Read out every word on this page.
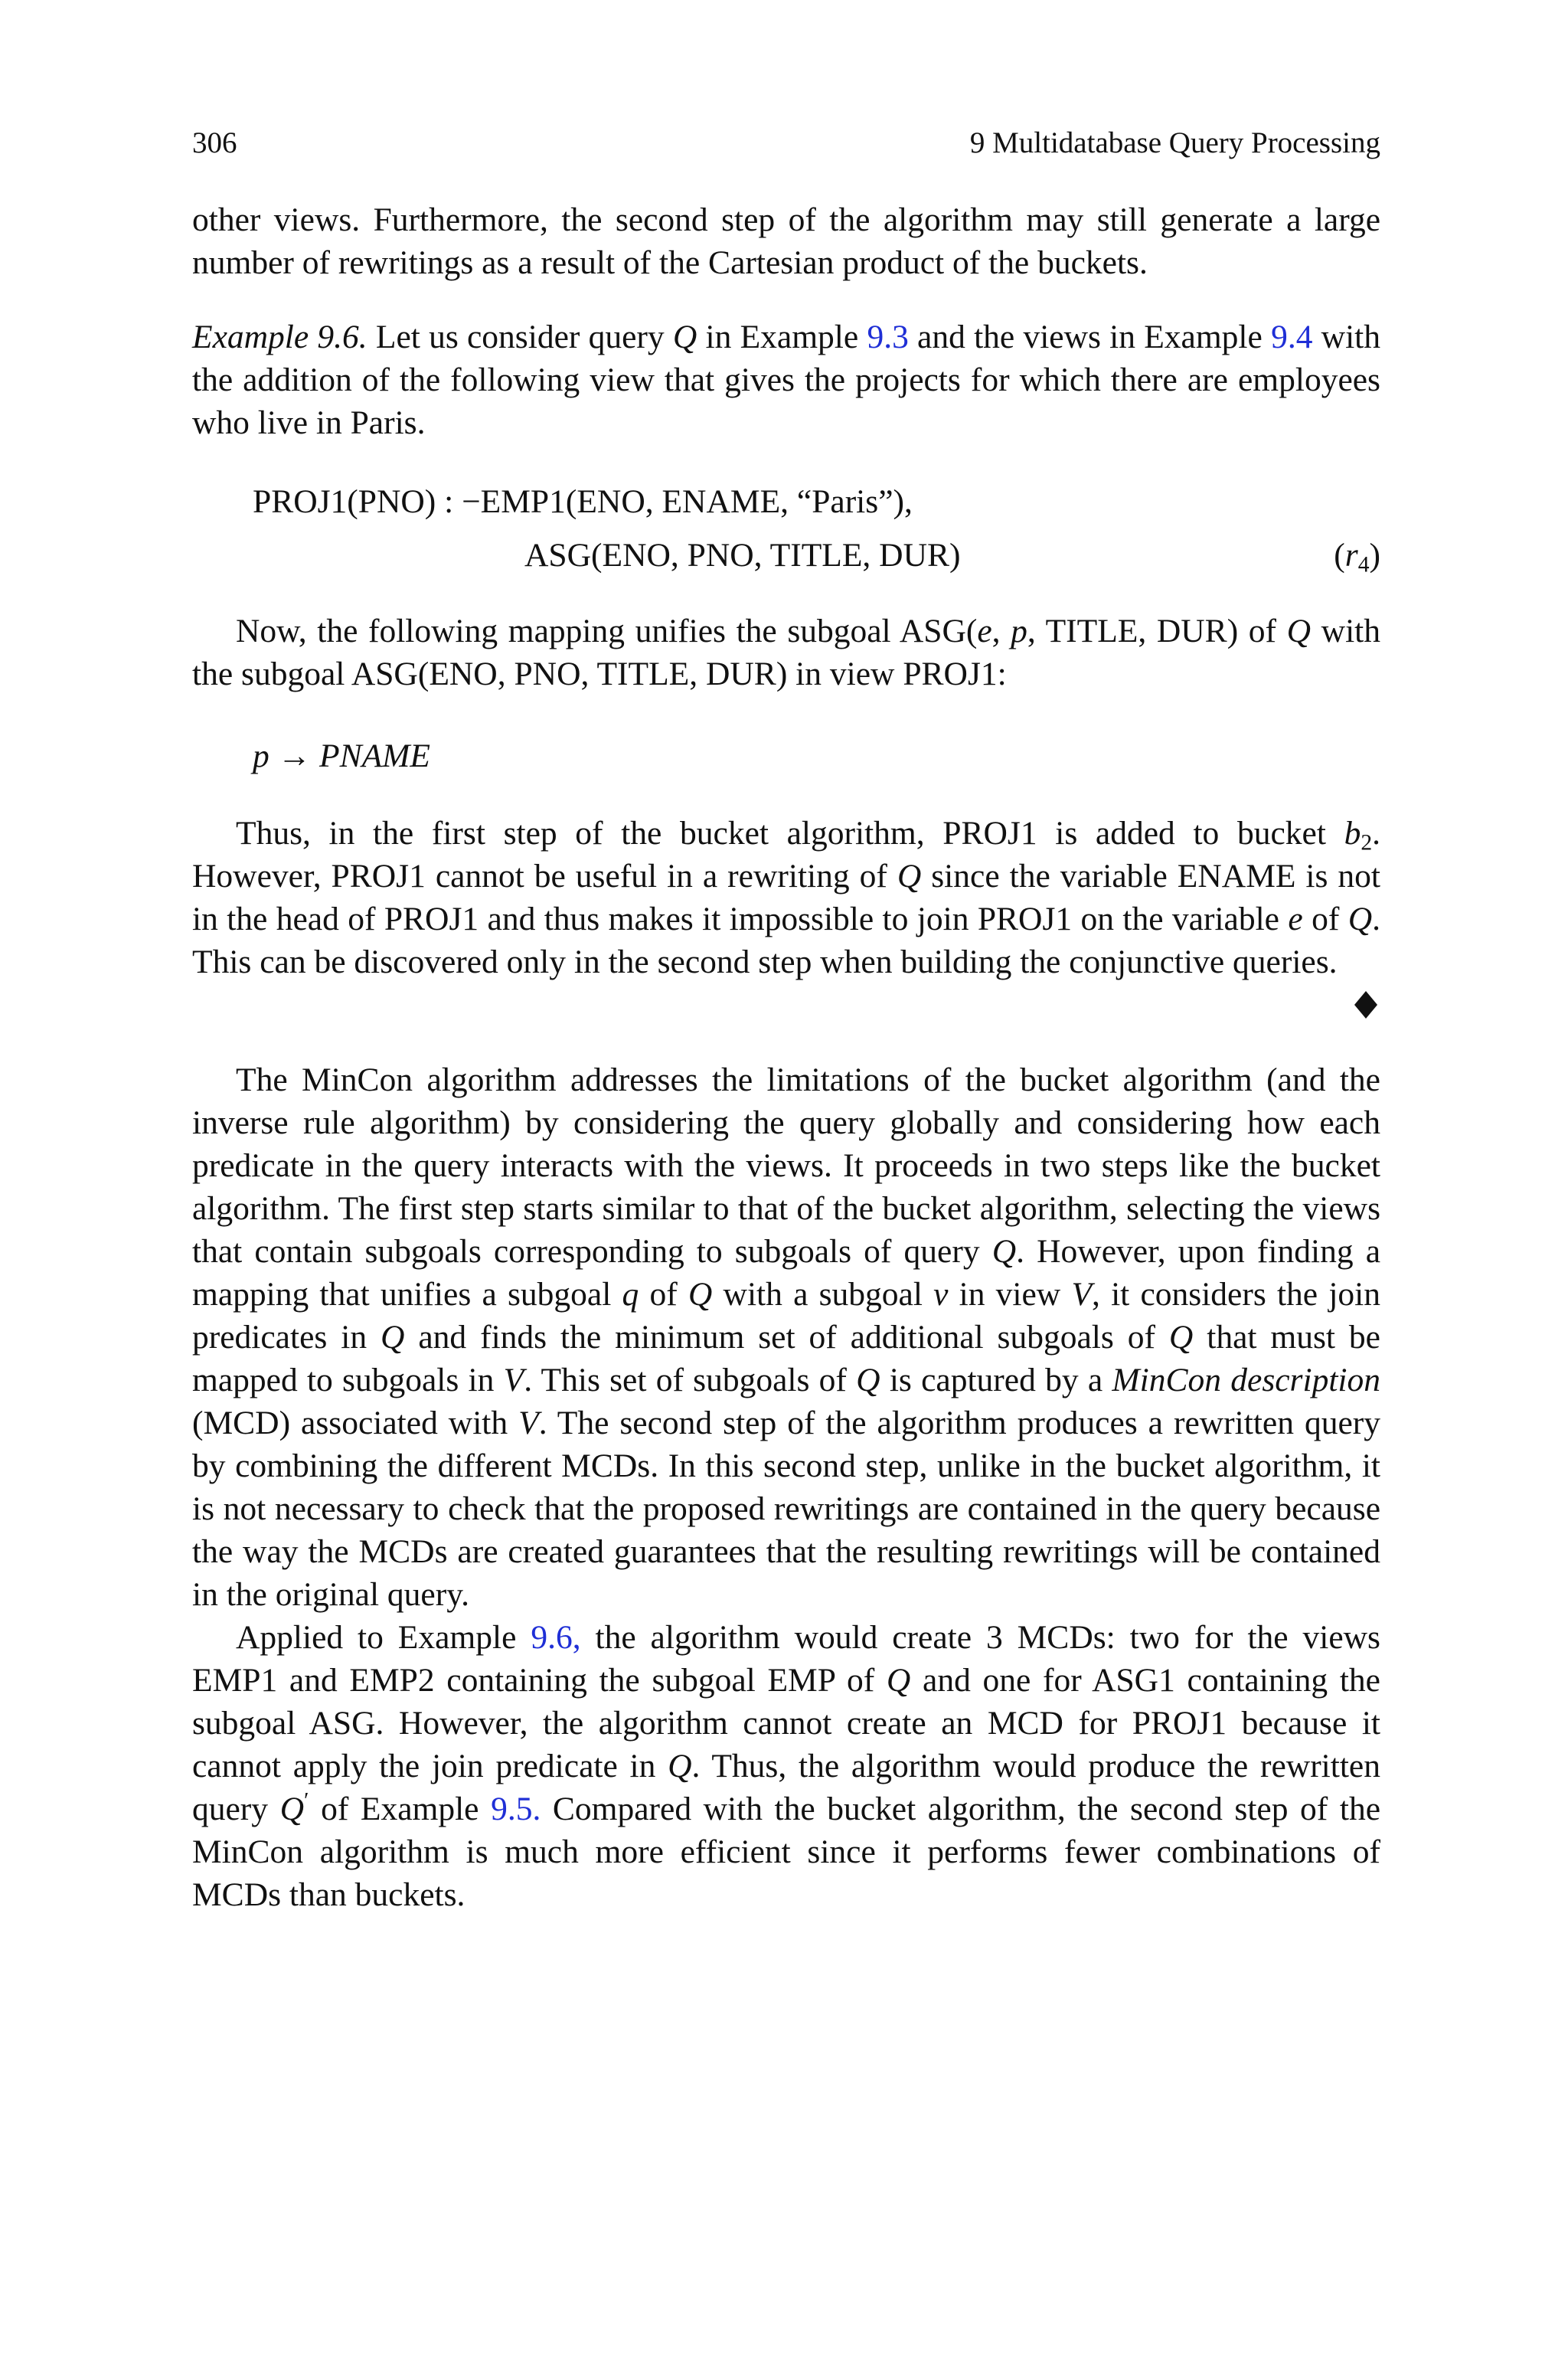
306	9 Multidatabase Query Processing

other views. Furthermore, the second step of the algorithm may still generate a large number of rewritings as a result of the Cartesian product of the buckets.

Example 9.6. Let us consider query Q in Example 9.3 and the views in Example 9.4 with the addition of the following view that gives the projects for which there are employees who live in Paris.

PROJ1(PNO) : −EMP1(ENO, ENAME, “Paris”),
ASG(ENO, PNO, TITLE, DUR)	$(r_4)$

Now, the following mapping unifies the subgoal ASG(e, p, TITLE, DUR) of Q with the subgoal ASG(ENO, PNO, TITLE, DUR) in view PROJ1:

p → PNAME

Thus, in the first step of the bucket algorithm, PROJ1 is added to bucket $b_2$. However, PROJ1 cannot be useful in a rewriting of Q since the variable ENAME is not in the head of PROJ1 and thus makes it impossible to join PROJ1 on the variable e of Q. This can be discovered only in the second step when building the conjunctive queries.

The MinCon algorithm addresses the limitations of the bucket algorithm (and the inverse rule algorithm) by considering the query globally and considering how each predicate in the query interacts with the views. It proceeds in two steps like the bucket algorithm. The first step starts similar to that of the bucket algorithm, selecting the views that contain subgoals corresponding to subgoals of query Q. However, upon finding a mapping that unifies a subgoal q of Q with a subgoal v in view V, it considers the join predicates in Q and finds the minimum set of additional subgoals of Q that must be mapped to subgoals in V. This set of subgoals of Q is captured by a MinCon description (MCD) associated with V. The second step of the algorithm produces a rewritten query by combining the different MCDs. In this second step, unlike in the bucket algorithm, it is not necessary to check that the proposed rewritings are contained in the query because the way the MCDs are created guarantees that the resulting rewritings will be contained in the original query.

Applied to Example 9.6, the algorithm would create 3 MCDs: two for the views EMP1 and EMP2 containing the subgoal EMP of Q and one for ASG1 containing the subgoal ASG. However, the algorithm cannot create an MCD for PROJ1 because it cannot apply the join predicate in Q. Thus, the algorithm would produce the rewritten query Q′ of Example 9.5. Compared with the bucket algorithm, the second step of the MinCon algorithm is much more efficient since it performs fewer combinations of MCDs than buckets.
